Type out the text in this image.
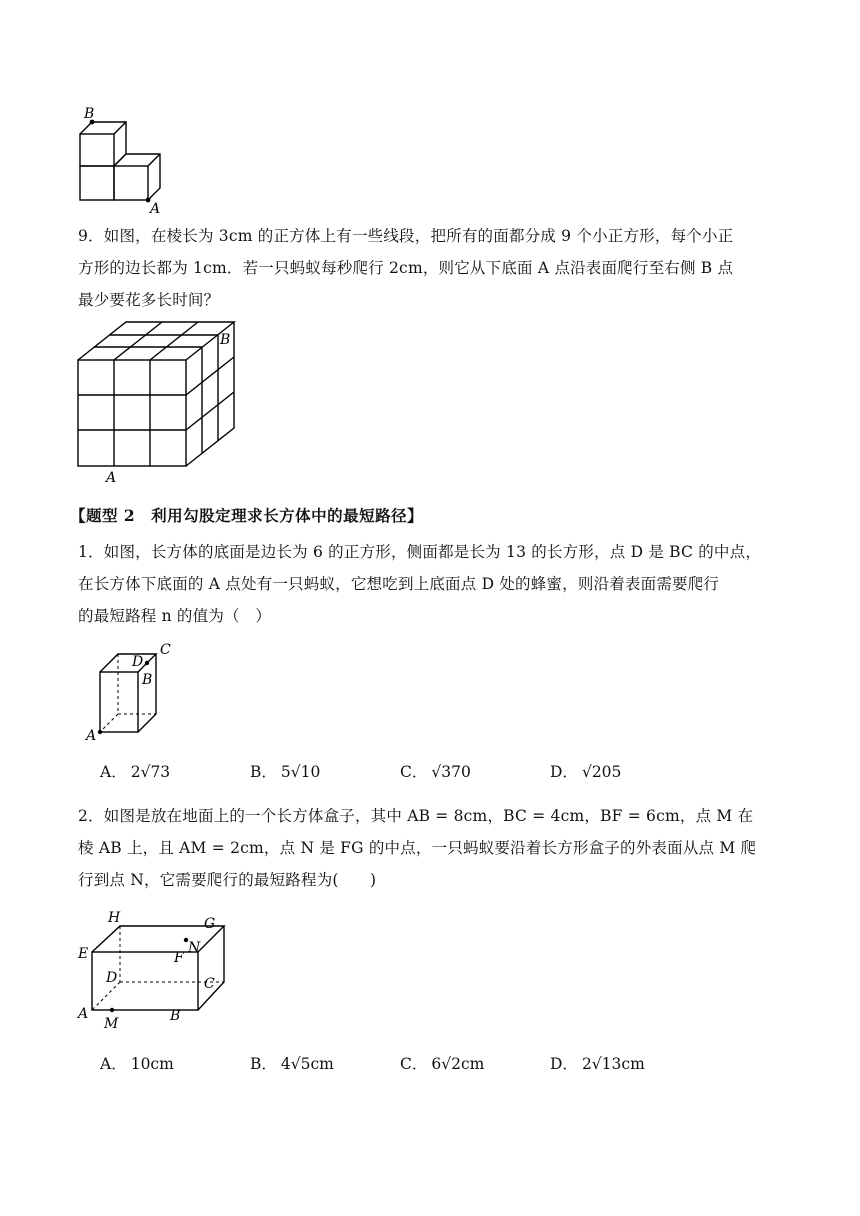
B
A
9．如图，在棱长为 3cm 的正方体上有一些线段，把所有的面都分成 9 个小正方形，每个小正
方形的边长都为 1cm．若一只蚂蚁每秒爬行 2cm，则它从下底面 A 点沿表面爬行至右侧 B 点
最少要花多长时间？
B
A
【题型 2　利用勾股定理求长方体中的最短路径】
1．如图，长方体的底面是边长为 6 的正方形，侧面都是长为 13 的长方形，点 D 是 BC 的中点，
在长方体下底面的 A 点处有一只蚂蚁，它想吃到上底面点 D 处的蜂蜜，则沿着表面需要爬行
的最短路程 n 的值为（　）
D
C
B
A
A． 2√73	B． 5√10	C． √370	D． √205
2．如图是放在地面上的一个长方体盒子，其中 AB = 8cm，BC = 4cm，BF = 6cm，点 M 在
棱 AB 上，且 AM = 2cm，点 N 是 FG 的中点，一只蚂蚁要沿着长方形盒子的外表面从点 M 爬
行到点 N，它需要爬行的最短路程为(　　)
H	G
E	N
F
D	C
A
M	B
A． 10cm	B． 4√5cm	C． 6√2cm	D． 2√13cm
